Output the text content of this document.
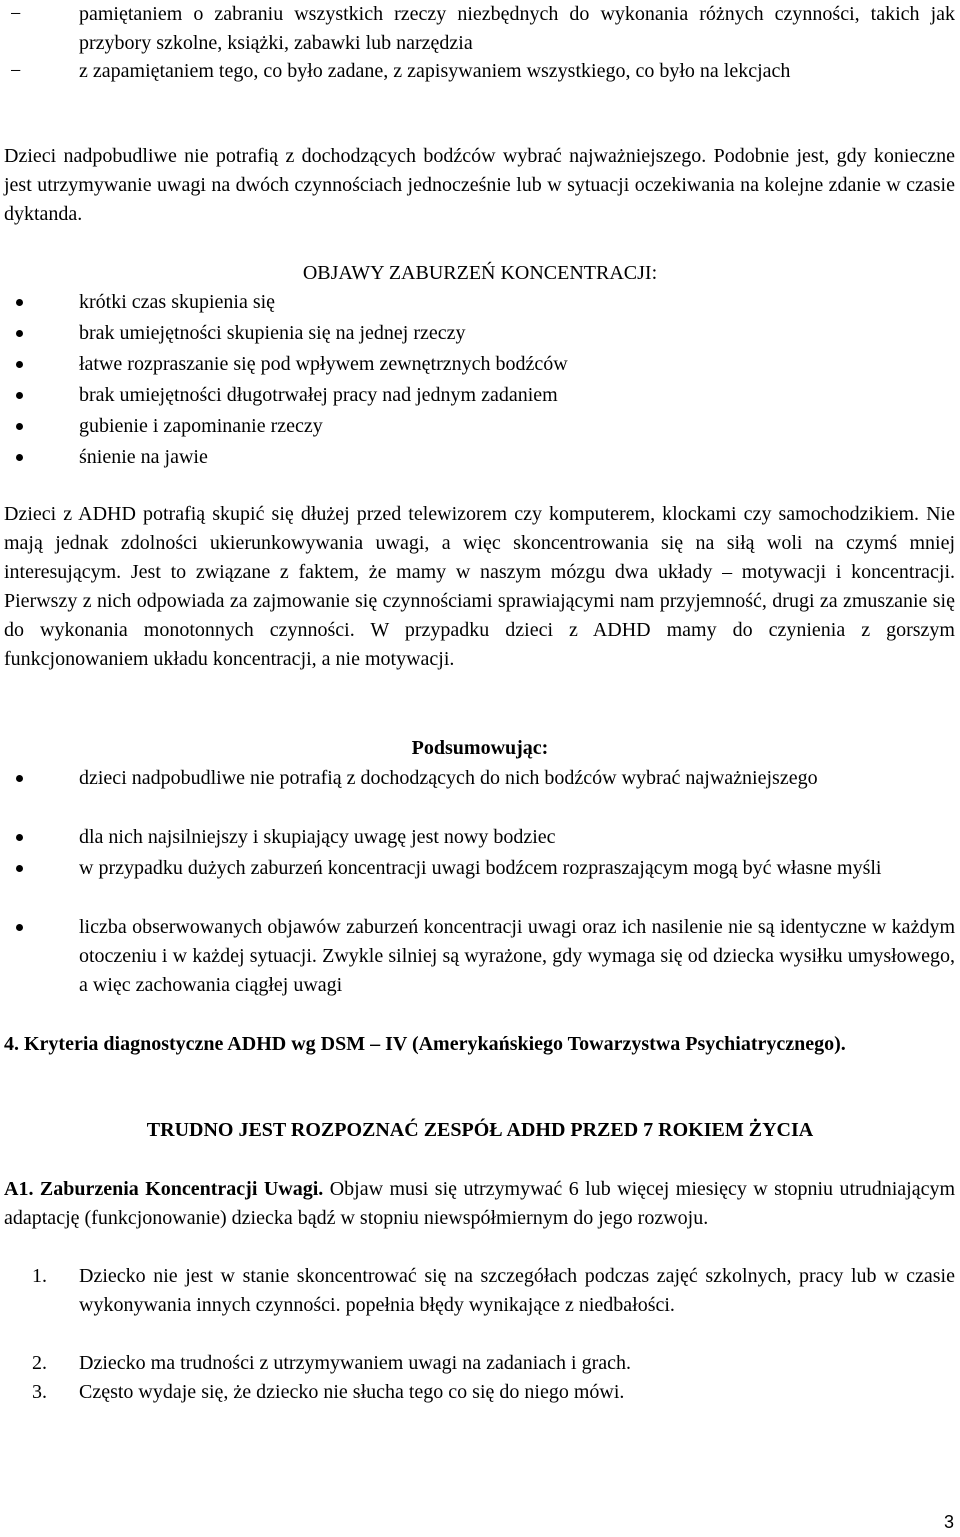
−	pamiętaniem o zabraniu wszystkich rzeczy niezbędnych do wykonania różnych czynności, takich jak przybory szkolne, książki, zabawki lub narzędzia
−	z zapamiętaniem tego, co było zadane, z zapisywaniem wszystkiego, co było na lekcjach

Dzieci nadpobudliwe nie potrafią z dochodzących bodźców wybrać najważniejszego. Podobnie jest, gdy konieczne jest utrzymywanie uwagi na dwóch czynnościach jednocześnie lub w sytuacji oczekiwania na kolejne zdanie w czasie dyktanda.

OBJAWY ZABURZEŃ KONCENTRACJI:
krótki czas skupienia się
brak umiejętności skupienia się na jednej rzeczy
łatwe rozpraszanie się pod wpływem zewnętrznych bodźców
brak umiejętności długotrwałej pracy nad jednym zadaniem
gubienie i zapominanie rzeczy
śnienie na jawie

Dzieci z ADHD potrafią skupić się dłużej przed telewizorem czy komputerem, klockami czy samochodzikiem. Nie mają jednak zdolności ukierunkowywania uwagi, a więc skoncentrowania się na siłą woli na czymś mniej interesującym. Jest to związane z faktem, że mamy w naszym mózgu dwa układy – motywacji i koncentracji. Pierwszy z nich odpowiada za zajmowanie się czynnościami sprawiającymi nam przyjemność, drugi za zmuszanie się do wykonania monotonnych czynności. W przypadku dzieci z ADHD mamy do czynienia z gorszym funkcjonowaniem układu koncentracji, a nie motywacji.

Podsumowując:
dzieci nadpobudliwe nie potrafią z dochodzących do nich bodźców wybrać najważniejszego
dla nich najsilniejszy i skupiający uwagę jest nowy bodziec
w przypadku dużych zaburzeń koncentracji uwagi bodźcem rozpraszającym mogą być własne myśli
liczba obserwowanych objawów zaburzeń koncentracji uwagi oraz ich nasilenie nie są identyczne w każdym otoczeniu i w każdej sytuacji. Zwykle silniej są wyrażone, gdy wymaga się od dziecka wysiłku umysłowego, a więc zachowania ciągłej uwagi

4. Kryteria diagnostyczne ADHD wg DSM – IV (Amerykańskiego Towarzystwa Psychiatrycznego).

TRUDNO JEST ROZPOZNAĆ ZESPÓŁ ADHD PRZED 7 ROKIEM ŻYCIA

A1. Zaburzenia Koncentracji Uwagi. Objaw musi się utrzymywać 6 lub więcej miesięcy w stopniu utrudniającym adaptację (funkcjonowanie) dziecka bądź w stopniu niewspółmiernym do jego rozwoju.

1.	Dziecko nie jest w stanie skoncentrować się na szczegółach podczas zajęć szkolnych, pracy lub w czasie wykonywania innych czynności. popełnia błędy wynikające z niedbałości.
2.	Dziecko ma trudności z utrzymywaniem uwagi na zadaniach i grach.
3.	Często wydaje się, że dziecko nie słucha tego co się do niego mówi.
3
